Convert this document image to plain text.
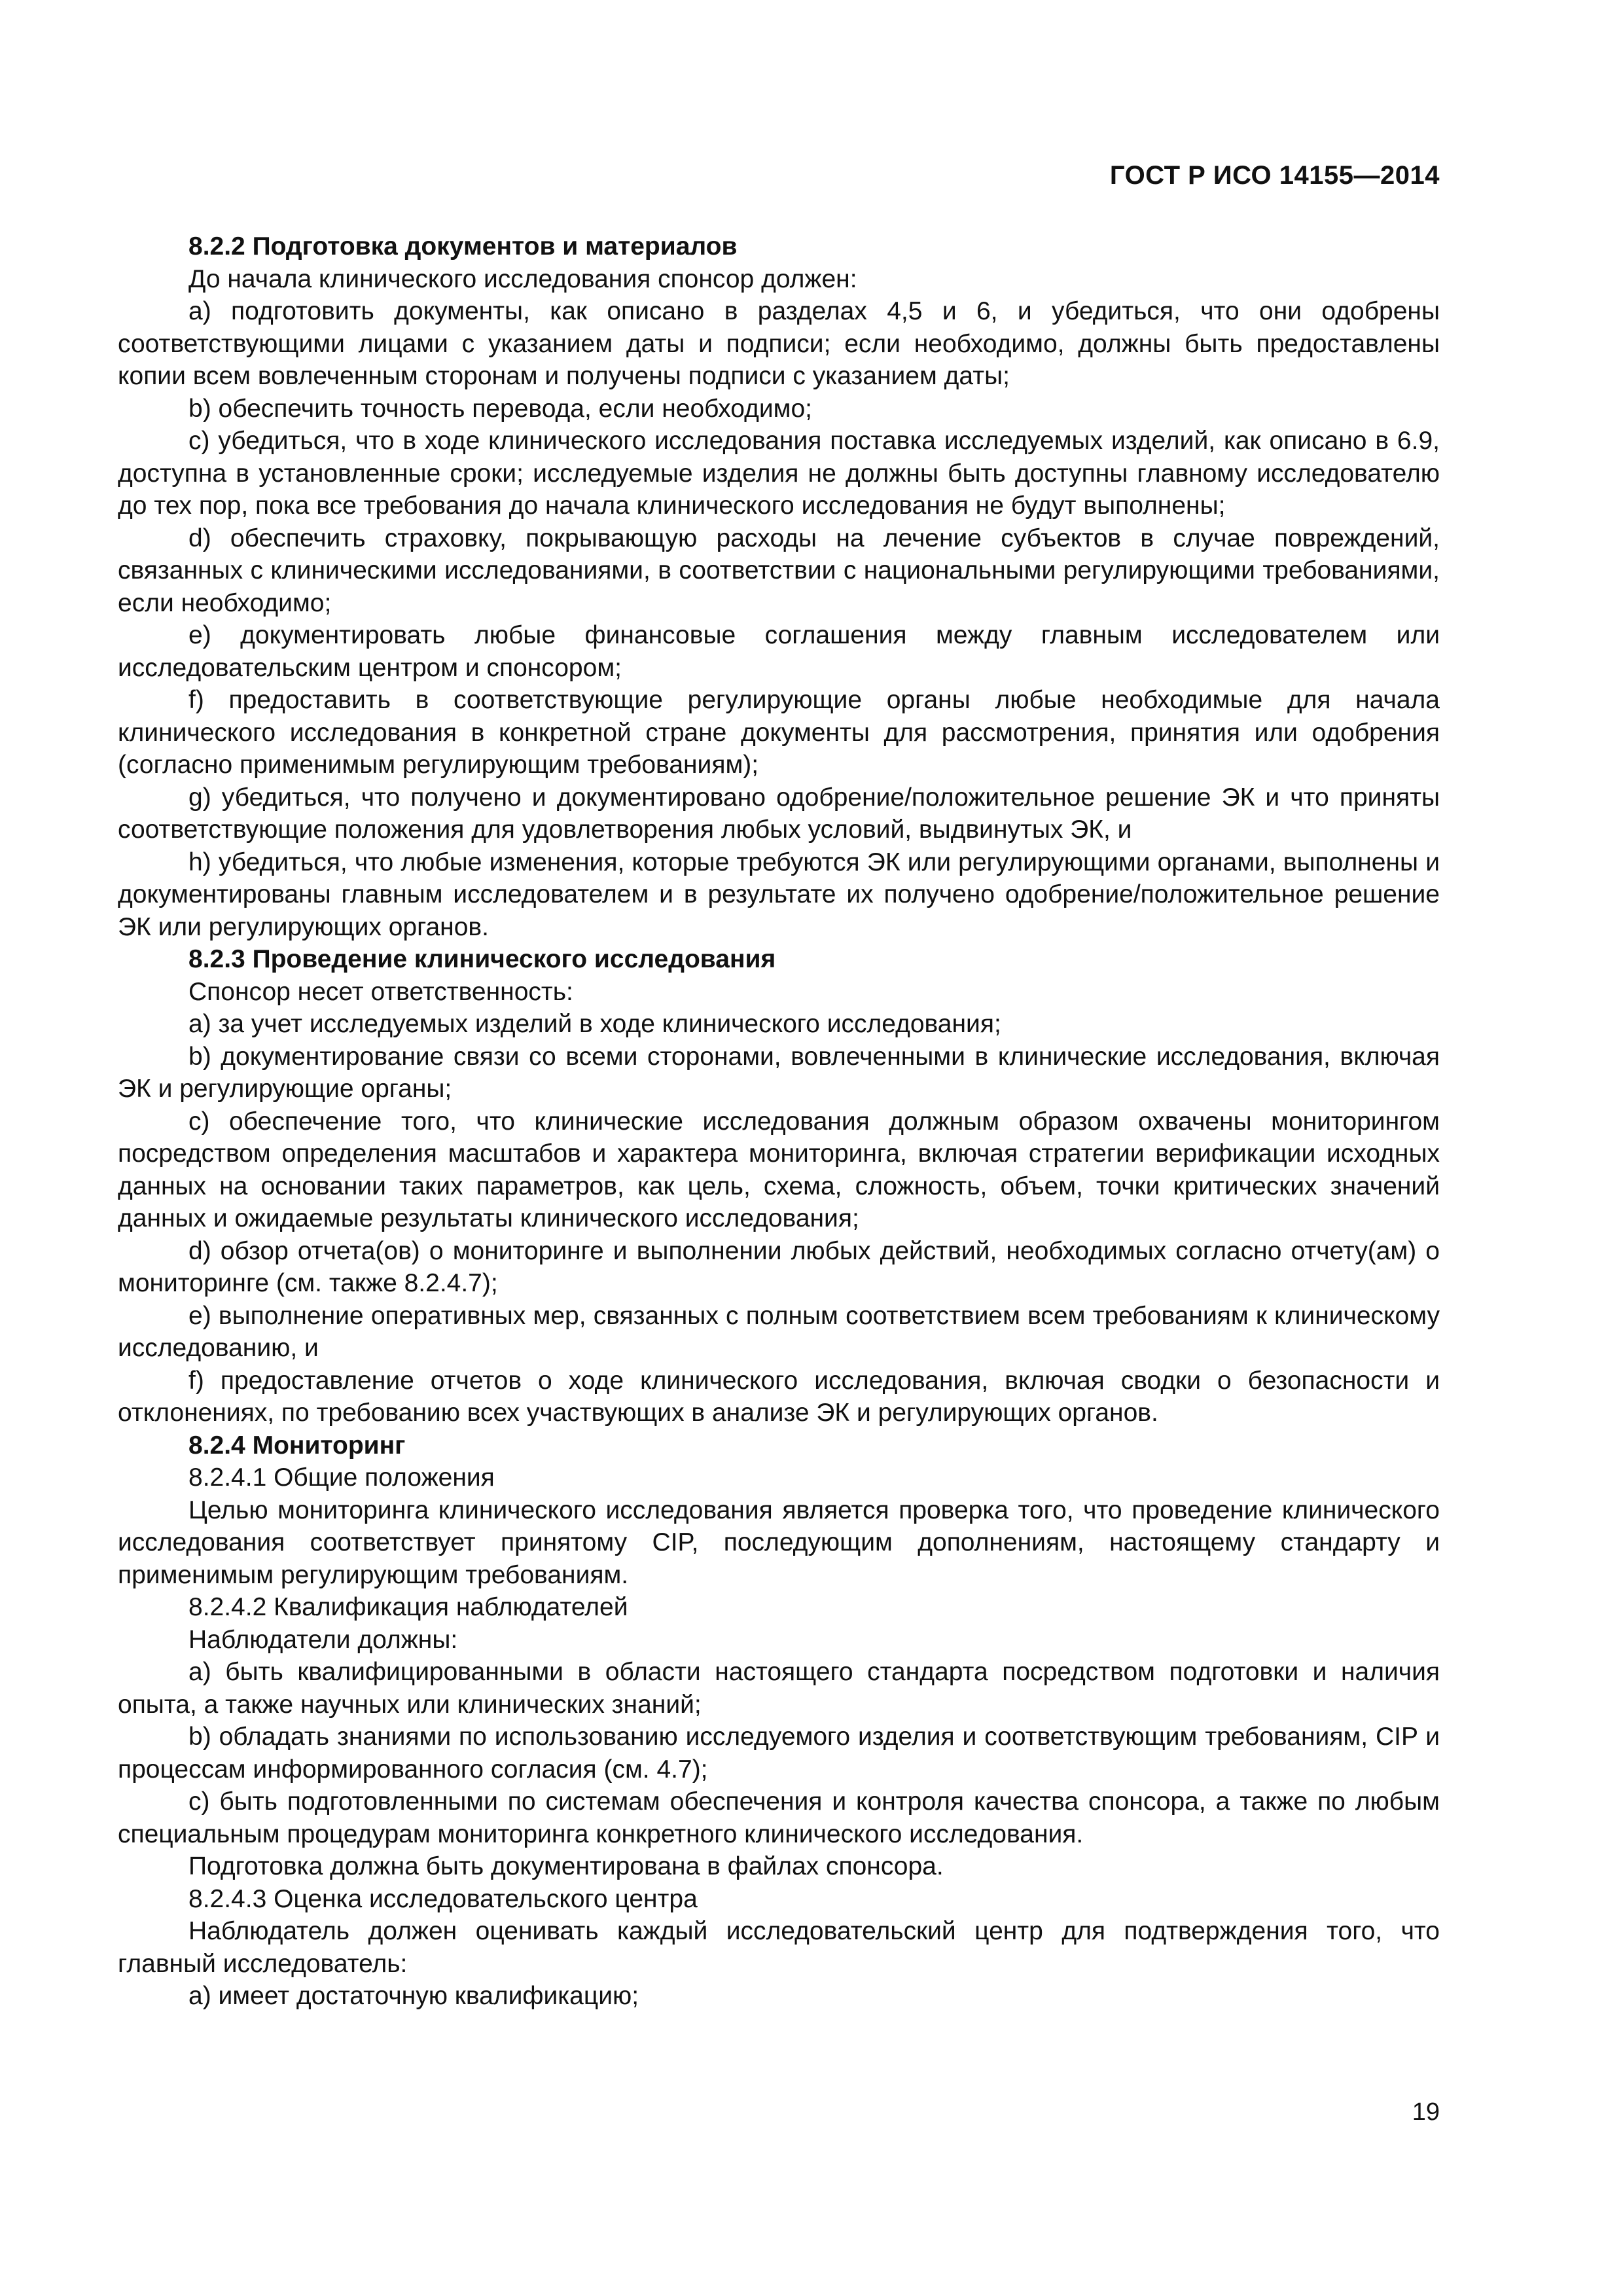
ГОСТ Р ИСО 14155—2014

8.2.2 Подготовка документов и материалов

До начала клинического исследования спонсор должен:

a) подготовить документы, как описано в разделах 4,5 и 6, и убедиться, что они одобрены соответствующими лицами с указанием даты и подписи; если необходимо, должны быть предоставлены копии всем вовлеченным сторонам и получены подписи с указанием даты;

b) обеспечить точность перевода, если необходимо;

c) убедиться, что в ходе клинического исследования поставка исследуемых изделий, как описано в 6.9, доступна в установленные сроки; исследуемые изделия не должны быть доступны главному исследователю до тех пор, пока все требования до начала клинического исследования не будут выполнены;

d) обеспечить страховку, покрывающую расходы на лечение субъектов в случае повреждений, связанных с клиническими исследованиями, в соответствии с национальными регулирующими требованиями, если необходимо;

e) документировать любые финансовые соглашения между главным исследователем или исследовательским центром и спонсором;

f) предоставить в соответствующие регулирующие органы любые необходимые для начала клинического исследования в конкретной стране документы для рассмотрения, принятия или одобрения (согласно применимым регулирующим требованиям);

g) убедиться, что получено и документировано одобрение/положительное решение ЭК и что приняты соответствующие положения для удовлетворения любых условий, выдвинутых ЭК, и

h) убедиться, что любые изменения, которые требуются ЭК или регулирующими органами, выполнены и документированы главным исследователем и в результате их получено одобрение/положительное решение ЭК или регулирующих органов.

8.2.3 Проведение клинического исследования

Спонсор несет ответственность:

a) за учет исследуемых изделий в ходе клинического исследования;

b) документирование связи со всеми сторонами, вовлеченными в клинические исследования, включая ЭК и регулирующие органы;

c) обеспечение того, что клинические исследования должным образом охвачены мониторингом посредством определения масштабов и характера мониторинга, включая стратегии верификации исходных данных на основании таких параметров, как цель, схема, сложность, объем, точки критических значений данных и ожидаемые результаты клинического исследования;

d) обзор отчета(ов) о мониторинге и выполнении любых действий, необходимых согласно отчету(ам) о мониторинге (см. также 8.2.4.7);

e) выполнение оперативных мер, связанных с полным соответствием всем требованиям к клиническому исследованию, и

f) предоставление отчетов о ходе клинического исследования, включая сводки о безопасности и отклонениях, по требованию всех участвующих в анализе ЭК и регулирующих органов.

8.2.4 Мониторинг

8.2.4.1 Общие положения

Целью мониторинга клинического исследования является проверка того, что проведение клинического исследования соответствует принятому CIP, последующим дополнениям, настоящему стандарту и применимым регулирующим требованиям.

8.2.4.2 Квалификация наблюдателей

Наблюдатели должны:

a) быть квалифицированными в области настоящего стандарта посредством подготовки и наличия опыта, а также научных или клинических знаний;

b) обладать знаниями по использованию исследуемого изделия и соответствующим требованиям, CIP и процессам информированного согласия (см. 4.7);

c) быть подготовленными по системам обеспечения и контроля качества спонсора, а также по любым специальным процедурам мониторинга конкретного клинического исследования.

Подготовка должна быть документирована в файлах спонсора.

8.2.4.3 Оценка исследовательского центра

Наблюдатель должен оценивать каждый исследовательский центр для подтверждения того, что главный исследователь:

a) имеет достаточную квалификацию;

19
